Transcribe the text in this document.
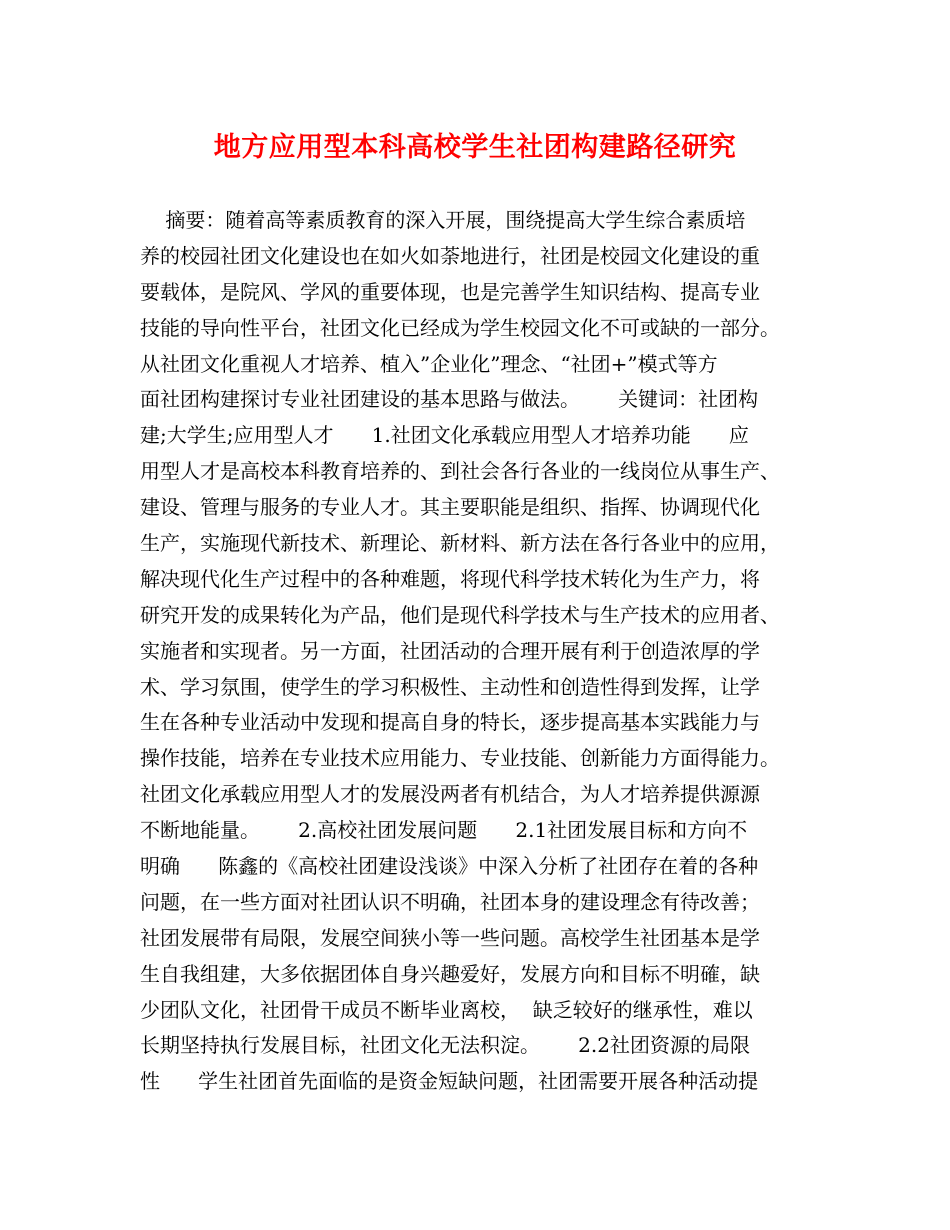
地方应用型本科高校学生社团构建路径研究
摘要：随着高等素质教育的深入开展，围绕提高大学生综合素质培
养的校园社团文化建设也在如火如荼地进行，社团是校园文化建设的重
要载体，是院风、学风的重要体现，也是完善学生知识结构、提高专业
技能的导向性平台，社团文化已经成为学生校园文化不可或缺的一部分。
从社团文化重视人才培养、植入”企业化”理念、“社团+”模式等方
面社团构建探讨专业社团建设的基本思路与做法。      关键词：社团构
建;大学生;应用型人才      1.社团文化承载应用型人才培养功能      应
用型人才是高校本科教育培养的、到社会各行各业的一线岗位从事生产、
建设、管理与服务的专业人才。其主要职能是组织、指挥、协调现代化
生产，实施现代新技术、新理论、新材料、新方法在各行各业中的应用，
解决现代化生产过程中的各种难题，将现代科学技术转化为生产力，将
研究开发的成果转化为产品，他们是现代科学技术与生产技术的应用者、
实施者和实现者。另一方面，社团活动的合理开展有利于创造浓厚的学
术、学习氛围，使学生的学习积极性、主动性和创造性得到发挥，让学
生在各种专业活动中发现和提高自身的特长，逐步提高基本实践能力与
操作技能，培养在专业技术应用能力、专业技能、创新能力方面得能力。
社团文化承载应用型人才的发展没两者有机结合，为人才培养提供源源
不断地能量。      2.高校社团发展问题      2.1社团发展目标和方向不
明确      陈鑫的《高校社团建设浅谈》中深入分析了社团存在着的各种
问题，在一些方面对社团认识不明确，社团本身的建设理念有待改善；
社团发展带有局限，发展空间狭小等一些问题。高校学生社团基本是学
生自我组建，大多依据团体自身兴趣爱好，发展方向和目标不明確，缺
少团队文化，社团骨干成员不断毕业离校，  缺乏较好的继承性，难以
长期坚持执行发展目标，社团文化无法积淀。      2.2社团资源的局限
性      学生社团首先面临的是资金短缺问题，社团需要开展各种活动提
